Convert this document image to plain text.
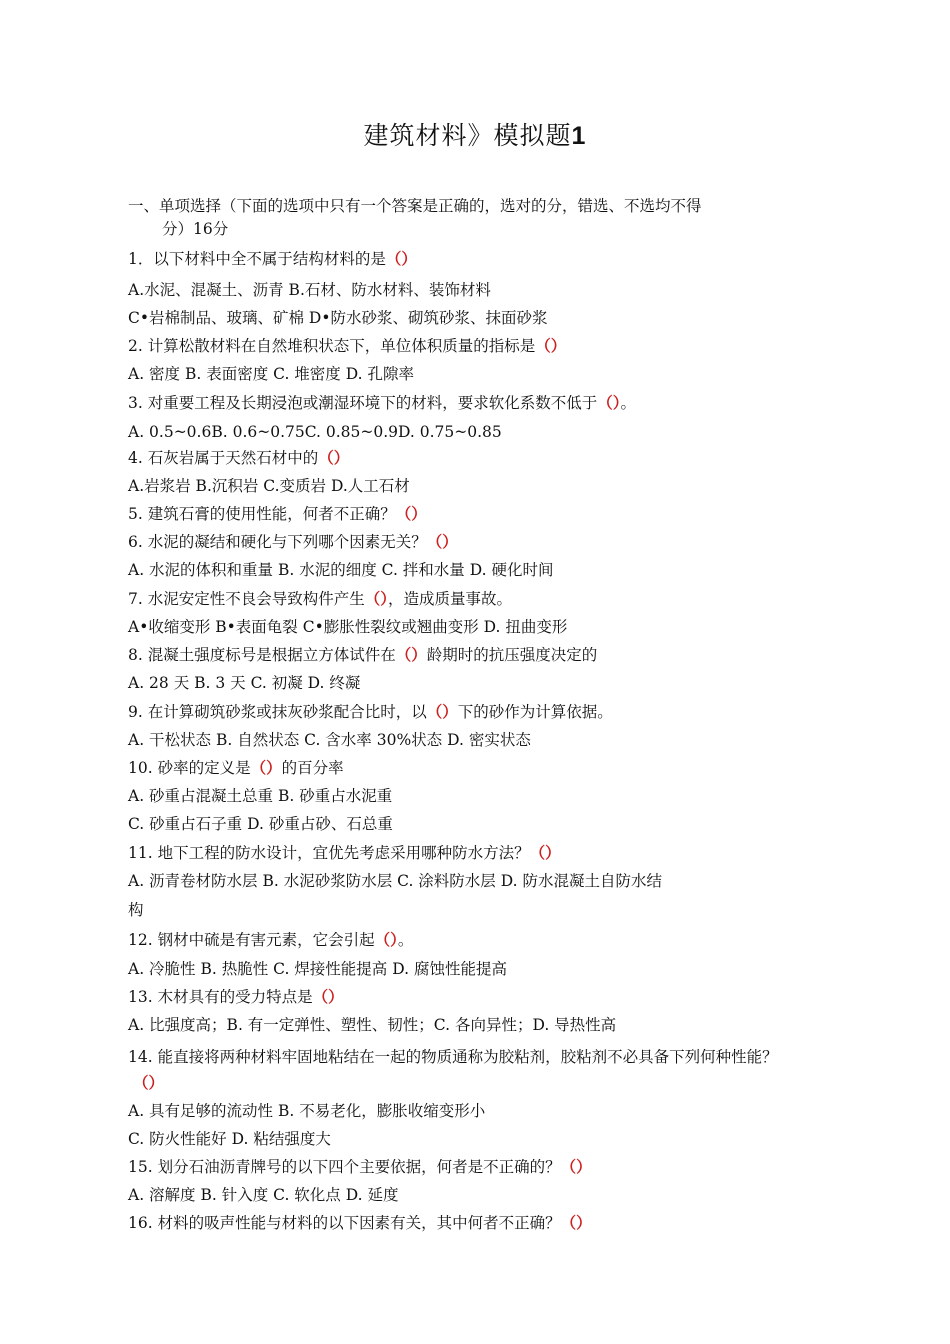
建筑材料》模拟题1
一、单项选择（下面的选项中只有一个答案是正确的，选对的分，错选、不选均不得
分）16分
1．以下材料中全不属于结构材料的是（）
A.水泥、混凝土、沥青 B.石材、防水材料、装饰材料
C•岩棉制品、玻璃、矿棉 D•防水砂浆、砌筑砂浆、抹面砂浆
2. 计算松散材料在自然堆积状态下，单位体积质量的指标是（）
A. 密度 B. 表面密度 C. 堆密度 D. 孔隙率
3. 对重要工程及长期浸泡或潮湿环境下的材料，要求软化系数不低于（）。
A. 0.5~0.6B. 0.6~0.75C. 0.85~0.9D. 0.75~0.85
4. 石灰岩属于天然石材中的（）
A.岩浆岩 B.沉积岩 C.变质岩 D.人工石材
5. 建筑石膏的使用性能，何者不正确？（）
6. 水泥的凝结和硬化与下列哪个因素无关？（）
A. 水泥的体积和重量 B. 水泥的细度 C. 拌和水量 D. 硬化时间
7. 水泥安定性不良会导致构件产生（），造成质量事故。
A•收缩变形 B•表面龟裂 C•膨胀性裂纹或翘曲变形 D. 扭曲变形
8. 混凝土强度标号是根据立方体试件在（）龄期时的抗压强度决定的
A. 28 天 B. 3 天 C. 初凝 D. 终凝
9. 在计算砌筑砂浆或抹灰砂浆配合比时，以（）下的砂作为计算依据。
A. 干松状态 B. 自然状态 C. 含水率 30%状态 D. 密实状态
10. 砂率的定义是（）的百分率
A. 砂重占混凝土总重 B. 砂重占水泥重
C. 砂重占石子重 D. 砂重占砂、石总重
11. 地下工程的防水设计，宜优先考虑采用哪种防水方法？（）
A. 沥青卷材防水层 B. 水泥砂浆防水层 C. 涂料防水层 D. 防水混凝土自防水结
构
12. 钢材中硫是有害元素，它会引起（）。
A. 冷脆性 B. 热脆性 C. 焊接性能提高 D. 腐蚀性能提高
13. 木材具有的受力特点是（）
A. 比强度高；B. 有一定弹性、塑性、韧性；C. 各向异性；D. 导热性高
14. 能直接将两种材料牢固地粘结在一起的物质通称为胶粘剂，胶粘剂不必具备下列何种性能？
（）
A. 具有足够的流动性 B. 不易老化，膨胀收缩变形小
C. 防火性能好 D. 粘结强度大
15. 划分石油沥青牌号的以下四个主要依据，何者是不正确的？（）
A. 溶解度 B. 针入度 C. 软化点 D. 延度
16. 材料的吸声性能与材料的以下因素有关，其中何者不正确？（）
